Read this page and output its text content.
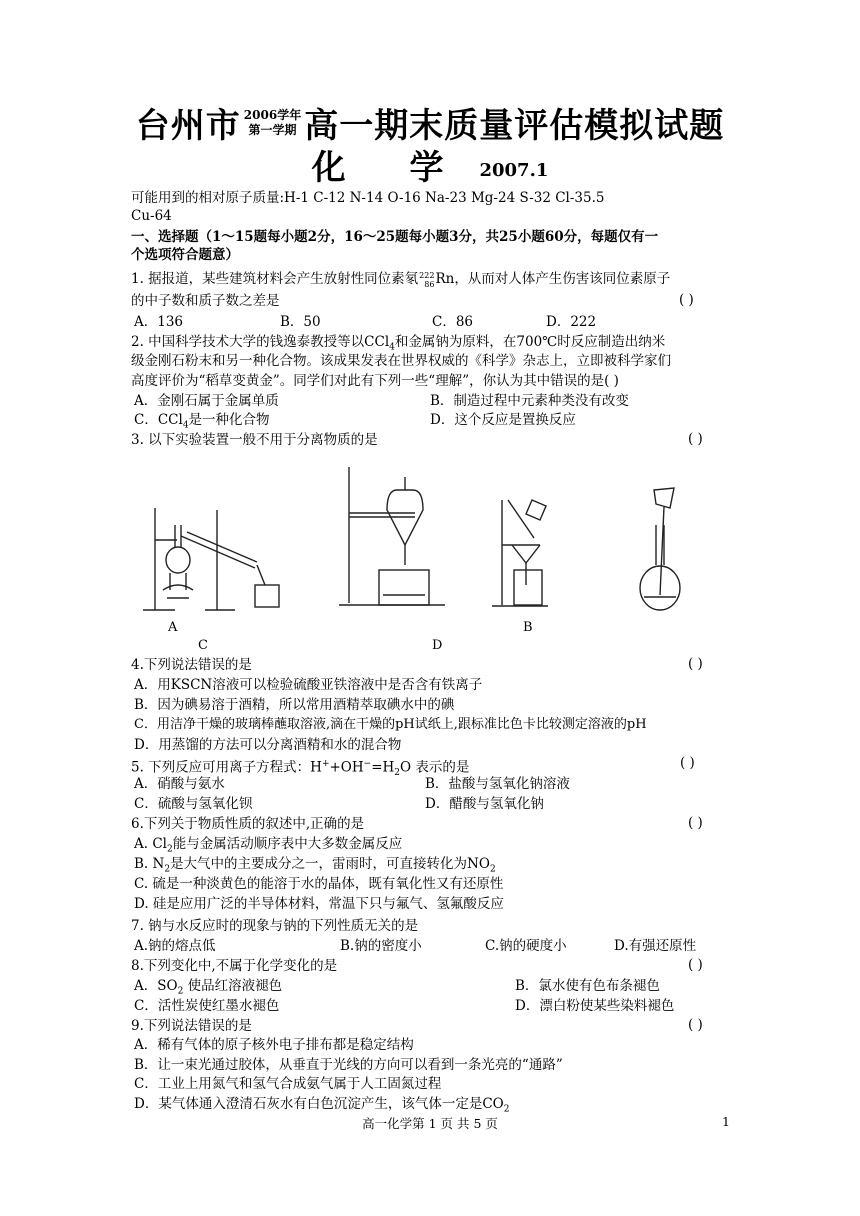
台州市 2006学年
第一学期 高一期末质量评估模拟试题
化 学 2007.1
可能用到的相对原子质量:H-1 C-12 N-14 O-16 Na-23 Mg-24 S-32 Cl-35.5
Cu-64
一、选择题（1～15题每小题2分，16～25题每小题3分，共25小题60分，每题仅有一
个选项符合题意）
1. 据报道，某些建筑材料会产生放射性同位素氡222
86Rn，从而对人体产生伤害该同位素原子
的中子数和质子数之差是	( )
A．136	B．50	C．86	D．222
2. 中国科学技术大学的钱逸泰教授等以CCl$_4$和金属钠为原料，在700℃时反应制造出纳米
级金刚石粉末和另一种化合物。该成果发表在世界权威的《科学》杂志上，立即被科学家们
高度评价为“稻草变黄金”。同学们对此有下列一些“理解”，你认为其中错误的是( )
A．金刚石属于金属单质	B．制造过程中元素种类没有改变
C．CCl$_4$是一种化合物	D．这个反应是置换反应
3. 以下实验装置一般不用于分离物质的是	( )
A	B
C	D
4.下列说法错误的是	( )
A．用KSCN溶液可以检验硫酸亚铁溶液中是否含有铁离子
B．因为碘易溶于酒精，所以常用酒精萃取碘水中的碘
C．用洁净干燥的玻璃棒蘸取溶液,滴在干燥的pH试纸上,跟标准比色卡比较测定溶液的pH
D．用蒸馏的方法可以分离酒精和水的混合物
5. 下列反应可用离子方程式：$H^++OH^-=H_2O$ 表示的是	( )
A．硝酸与氨水	B．盐酸与氢氧化钠溶液
C．硫酸与氢氧化钡	D．醋酸与氢氧化钠
6.下列关于物质性质的叙述中,正确的是	( )
A. $Cl_2$能与金属活动顺序表中大多数金属反应
B. $N_2$是大气中的主要成分之一，雷雨时，可直接转化为$NO_2$
C. 硫是一种淡黄色的能溶于水的晶体，既有氧化性又有还原性
D. 硅是应用广泛的半导体材料，常温下只与氟气、氢氟酸反应
7. 钠与水反应时的现象与钠的下列性质无关的是
A.钠的熔点低	B.钠的密度小	C.钠的硬度小	D.有强还原性
8.下列变化中,不属于化学变化的是	( )
A．$SO_2$ 使品红溶液褪色	B．氯水使有色布条褪色
C．活性炭使红墨水褪色	D．漂白粉使某些染料褪色
9.下列说法错误的是	( )
A．稀有气体的原子核外电子排布都是稳定结构
B．让一束光通过胶体，从垂直于光线的方向可以看到一条光亮的“通路”
C．工业上用氮气和氢气合成氨气属于人工固氮过程
D．某气体通入澄清石灰水有白色沉淀产生，该气体一定是$CO_2$
高一化学第 1 页 共 5 页	1
